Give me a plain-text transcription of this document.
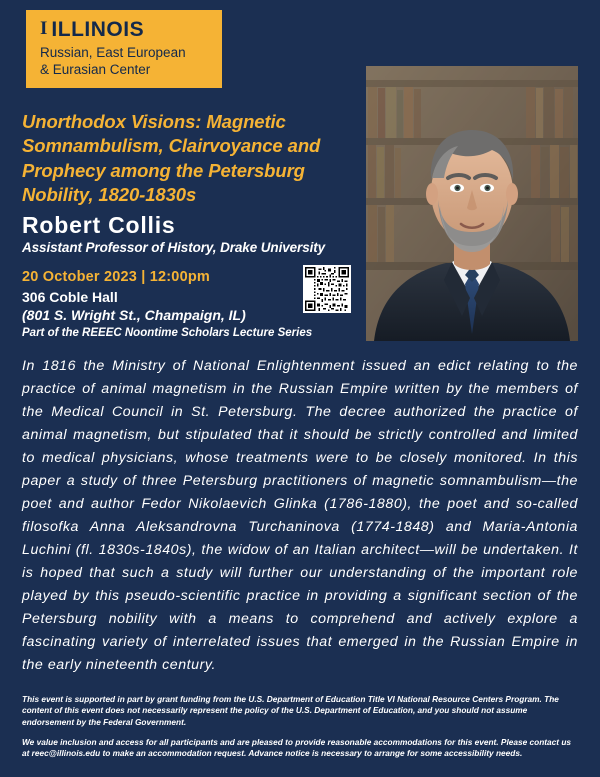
I ILLINOIS
Russian, East European
& Eurasian Center
Unorthodox Visions: Magnetic Somnambulism, Clairvoyance and Prophecy among the Petersburg Nobility, 1820-1830s
Robert Collis
Assistant Professor of History, Drake University
20 October 2023 | 12:00pm
306 Coble Hall
(801 S. Wright St., Champaign, IL)
Part of the REEEC Noontime Scholars Lecture Series
In 1816 the Ministry of National Enlightenment issued an edict relating to the practice of animal magnetism in the Russian Empire written by the members of the Medical Council in St. Petersburg. The decree authorized the practice of animal magnetism, but stipulated that it should be strictly controlled and limited to medical physicians, whose treatments were to be closely monitored. In this paper a study of three Petersburg practitioners of magnetic somnambulism—the poet and author Fedor Nikolaevich Glinka (1786-1880), the poet and so-called filosofka Anna Aleksandrovna Turchaninova (1774-1848) and Maria-Antonia Luchini (fl. 1830s-1840s), the widow of an Italian architect—will be undertaken. It is hoped that such a study will further our understanding of the important role played by this pseudo-scientific practice in providing a significant section of the Petersburg nobility with a means to comprehend and actively explore a fascinating variety of interrelated issues that emerged in the Russian Empire in the early nineteenth century.

This event is supported in part by grant funding from the U.S. Department of Education Title VI National Resource Centers Program. The content of this event does not necessarily represent the policy of the U.S. Department of Education, and you should not assume endorsement by the Federal Government.

We value inclusion and access for all participants and are pleased to provide reasonable accommodations for this event. Please contact us at reec@illinois.edu to make an accommodation request. Advance notice is necessary to arrange for some accessibility needs.
